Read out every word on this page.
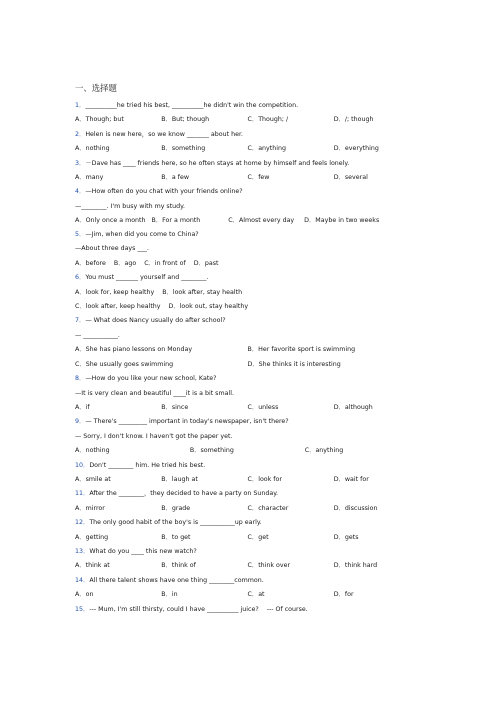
一、选择题
1．__________he tried his best, __________he didn't win the competition.
A．Though; but	B．But; though	C．Though; /	D．/; though
2．Helen is new here，so we know _______ about her.
A．nothing	B．something	C．anything	D．everything
3．－Dave has ____ friends here, so he often stays at home by himself and feels lonely.
A．many	B．a few	C．few	D．several
4．—How often do you chat with your friends online?
—________. I'm busy with my study.
A．Only once a month   B．For a month              C．Almost every day     D．Maybe in two weeks
5．—Jim, when did you come to China?
—About three days ___.
A．before    B．ago    C．in front of    D．past
6．You must _______ yourself and ________.
A．look for, keep healthy    B．look after, stay health
C．look after, keep healthy    D．look out, stay healthy
7．— What does Nancy usually do after school?
— ___________.
A．She has piano lessons on Monday	B．Her favorite sport is swimming
C．She usually goes swimming	D．She thinks it is interesting
8．—How do you like your new school, Kate?
—It is very clean and beautiful ____it is a bit small.
A．if	B．since	C．unless	D．although
9．— There's _________ important in today's newspaper, isn't there?
— Sorry, I don't know. I haven't got the paper yet.
A．nothing	B．something	C．anything
10．Don't ________ him. He tried his best.
A．smile at	B．laugh at	C．look for	D．wait for
11．After the ________，they decided to have a party on Sunday.
A．mirror	B．grade	C．character	D．discussion
12．The only good habit of the boy's is ___________up early.
A．getting	B．to get	C．get	D．gets
13．What do you ____ this new watch?
A．think at	B．think of	C．think over	D．think hard
14．All there talent shows have one thing ________common.
A．on	B．in	C．at	D．for
15．--- Mum, I'm still thirsty, could I have __________ juice?    --- Of course.
